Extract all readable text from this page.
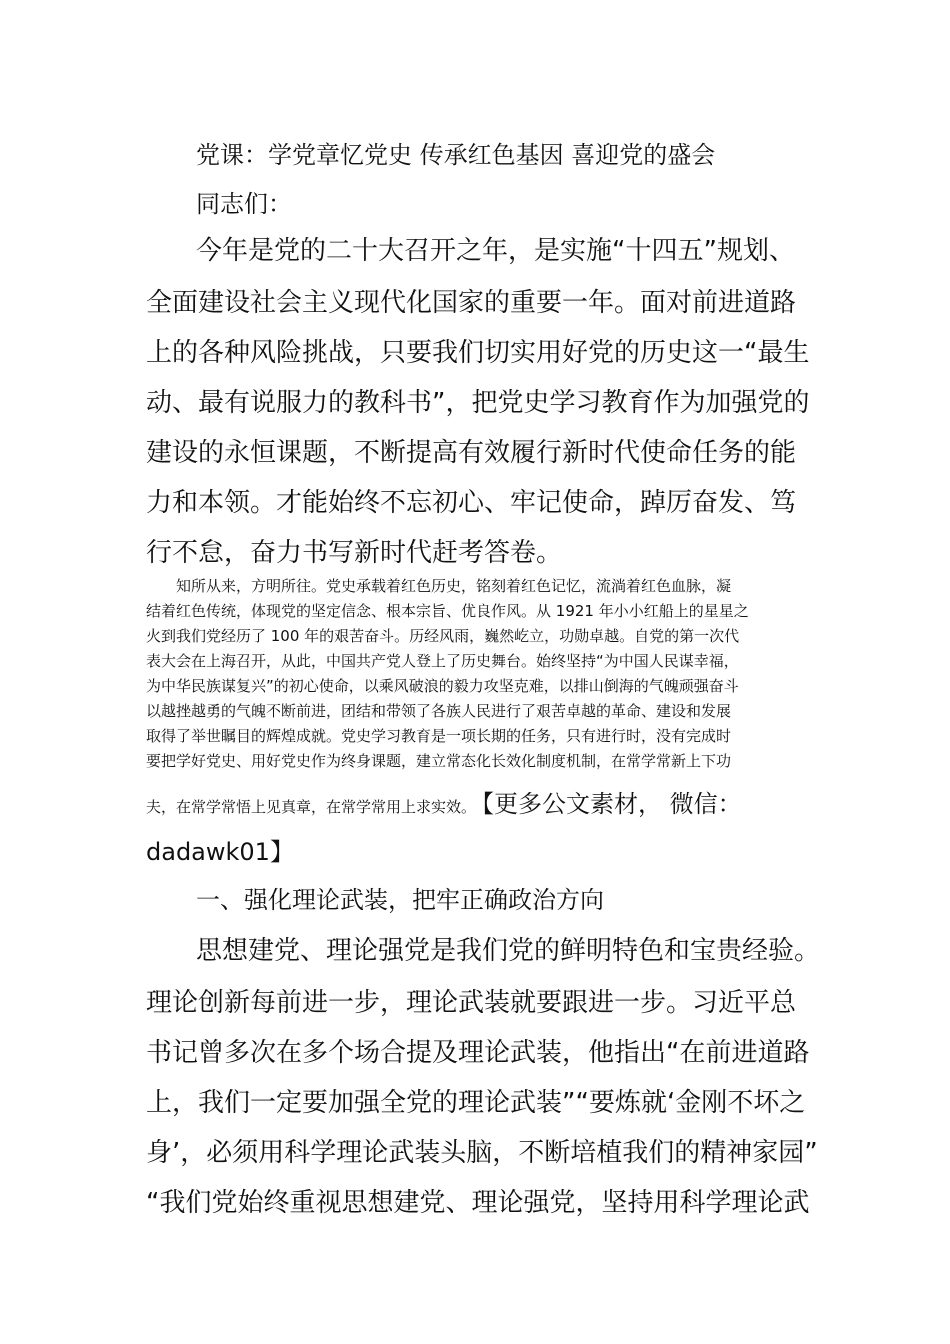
党课：学党章忆党史 传承红色基因 喜迎党的盛会
同志们：
今年是党的二十大召开之年，是实施“十四五”规划、
全面建设社会主义现代化国家的重要一年。面对前进道路
上的各种风险挑战，只要我们切实用好党的历史这一“最生
动、最有说服力的教科书”，把党史学习教育作为加强党的
建设的永恒课题，不断提高有效履行新时代使命任务的能
力和本领。才能始终不忘初心、牢记使命，踔厉奋发、笃
行不怠，奋力书写新时代赶考答卷。
知所从来，方明所往。党史承载着红色历史，铭刻着红色记忆，流淌着红色血脉，凝
结着红色传统，体现党的坚定信念、根本宗旨、优良作风。从 1921 年小小红船上的星星之
火到我们党经历了 100 年的艰苦奋斗。历经风雨，巍然屹立，功勋卓越。自党的第一次代
表大会在上海召开，从此，中国共产党人登上了历史舞台。始终坚持“为中国人民谋幸福，
为中华民族谋复兴”的初心使命，以乘风破浪的毅力攻坚克难，以排山倒海的气魄顽强奋斗
以越挫越勇的气魄不断前进，团结和带领了各族人民进行了艰苦卓越的革命、建设和发展
取得了举世瞩目的辉煌成就。党史学习教育是一项长期的任务，只有进行时，没有完成时
要把学好党史、用好党史作为终身课题，建立常态化长效化制度机制，在常学常新上下功
夫，在常学常悟上见真章，在常学常用上求实效。 【更多公文素材， 微信：
dadawk01】
一、强化理论武装，把牢正确政治方向
思想建党、理论强党是我们党的鲜明特色和宝贵经验。
理论创新每前进一步，理论武装就要跟进一步。习近平总
书记曾多次在多个场合提及理论武装，他指出“在前进道路
上，我们一定要加强全党的理论武装”“要炼就‘金刚不坏之
身’，必须用科学理论武装头脑，不断培植我们的精神家园”
“我们党始终重视思想建党、理论强党，坚持用科学理论武
